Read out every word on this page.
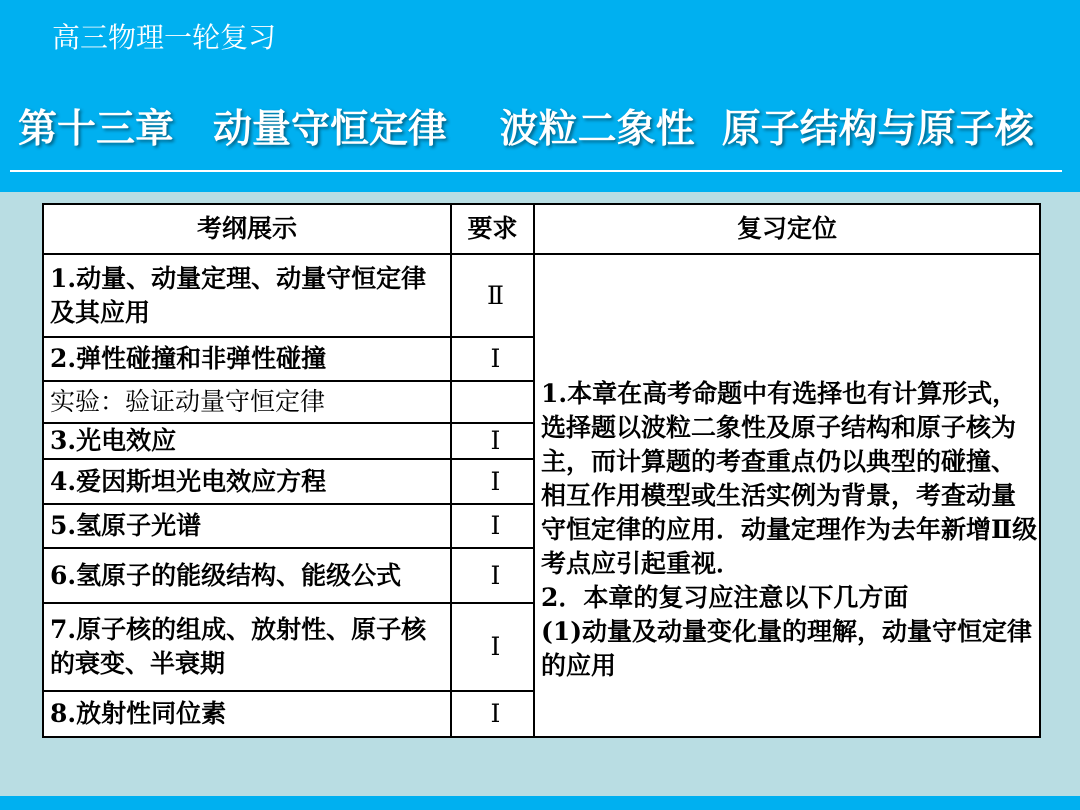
高三物理一轮复习
第十三章　动量守恒定律　 波粒二象性  原子结构与原子核
考纲展示	要求	复习定位
1.动量、动量定理、动量守恒定律及其应用	Ⅱ	1.本章在高考命题中有选择也有计算形式，选择题以波粒二象性及原子结构和原子核为主，而计算题的考查重点仍以典型的碰撞、相互作用模型或生活实例为背景，考查动量守恒定律的应用．动量定理作为去年新增Ⅱ级考点应引起重视．
2．本章的复习应注意以下几方面
(1)动量及动量变化量的理解，动量守恒定律的应用

2.弹性碰撞和非弹性碰撞	Ⅰ	
实验：验证动量守恒定律		
3.光电效应	Ⅰ	
4.爱因斯坦光电效应方程	Ⅰ	
5.氢原子光谱	Ⅰ	
6.氢原子的能级结构、能级公式	Ⅰ	
7.原子核的组成、放射性、原子核的衰变、半衰期	Ⅰ	
8.放射性同位素	Ⅰ	
